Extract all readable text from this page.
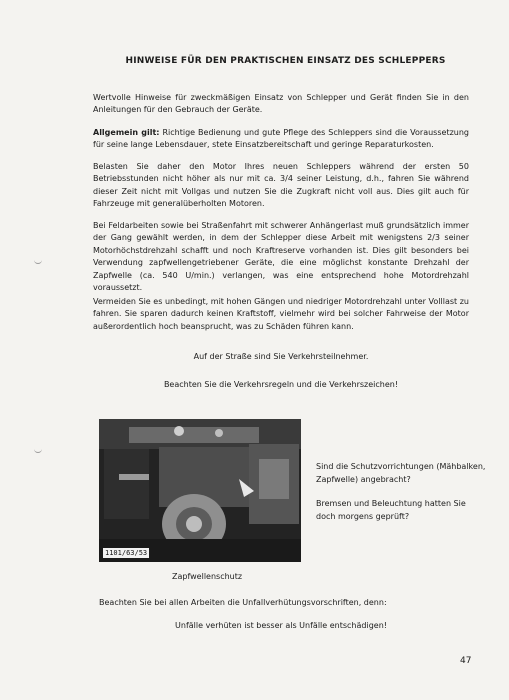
HINWEISE FÜR DEN PRAKTISCHEN EINSATZ DES SCHLEPPERS

Wertvolle Hinweise für zweckmäßigen Einsatz von Schlepper und Gerät finden Sie in den Anleitungen für den Gebrauch der Geräte.

Allgemein gilt: Richtige Bedienung und gute Pflege des Schleppers sind die Voraussetzung für seine lange Lebensdauer, stete Einsatzbereitschaft und geringe Reparaturkosten.

Belasten Sie daher den Motor Ihres neuen Schleppers während der ersten 50 Betriebsstunden nicht höher als nur mit ca. 3/4 seiner Leistung, d.h., fahren Sie während dieser Zeit nicht mit Vollgas und nutzen Sie die Zugkraft nicht voll aus. Dies gilt auch für Fahrzeuge mit generalüberholten Motoren.

Bei Feldarbeiten sowie bei Straßenfahrt mit schwerer Anhängerlast muß grundsätzlich immer der Gang gewählt werden, in dem der Schlepper diese Arbeit mit wenigstens 2/3 seiner Motorhöchstdrehzahl schafft und noch Kraftreserve vorhanden ist. Dies gilt besonders bei Verwendung zapfwellengetriebener Geräte, die eine möglichst konstante Drehzahl der Zapfwelle (ca. 540 U/min.) verlangen, was eine entsprechend hohe Motordrehzahl voraussetzt.

Vermeiden Sie es unbedingt, mit hohen Gängen und niedriger Motordrehzahl unter Volllast zu fahren. Sie sparen dadurch keinen Kraftstoff, vielmehr wird bei solcher Fahrweise der Motor außerordentlich hoch beansprucht, was zu Schäden führen kann.

Auf der Straße sind Sie Verkehrsteilnehmer.
Beachten Sie die Verkehrsregeln und die Verkehrszeichen!
1101/63/53
Sind die Schutzvorrichtungen (Mähbalken, Zapfwelle) angebracht?
Bremsen und Beleuchtung hatten Sie doch morgens geprüft?
Zapfwellenschutz
Beachten Sie bei allen Arbeiten die Unfallverhütungsvorschriften, denn:
Unfälle verhüten ist besser als Unfälle entschädigen!
47
